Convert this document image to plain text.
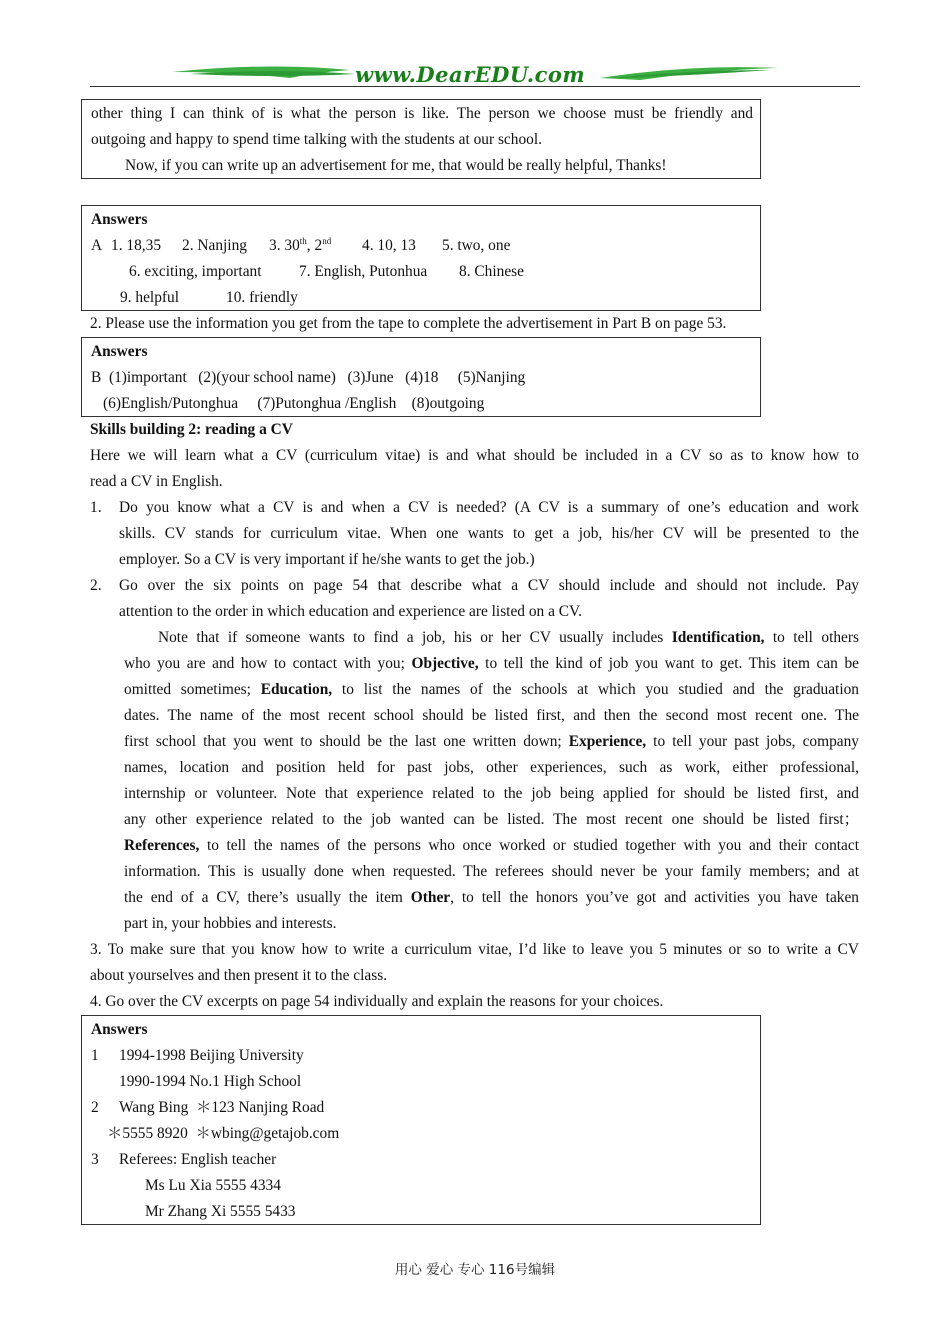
www.DearEDU.com
other thing I can think of is what the person is like. The person we choose must be friendly and
outgoing and happy to spend time talking with the students at our school.
Now, if you can write up an advertisement for me, that would be really helpful, Thanks!
Answers
A 1. 18,35 2. Nanjing 3. 30th, 2nd 4. 10, 13 5. two, one
6. exciting, important 7. English, Putonhua 8. Chinese
9. helpful	10. friendly
2. Please use the information you get from the tape to complete the advertisement in Part B on page 53.
Answers
B  (1)important   (2)(your school name)   (3)June   (4)18     (5)Nanjing
(6)English/Putonghua     (7)Putonghua /English    (8)outgoing
Skills building 2: reading a CV
Here we will learn what a CV (curriculum vitae) is and what should be included in a CV so as to know how to
read a CV in English.
1. Do you know what a CV is and when a CV is needed? (A CV is a summary of one’s education and work
skills. CV stands for curriculum vitae. When one wants to get a job, his/her CV will be presented to the
employer. So a CV is very important if he/she wants to get the job.)
2. Go over the six points on page 54 that describe what a CV should include and should not include. Pay
attention to the order in which education and experience are listed on a CV.
Note that if someone wants to find a job, his or her CV usually includes Identification, to tell others
who you are and how to contact with you; Objective, to tell the kind of job you want to get. This item can be
omitted sometimes; Education, to list the names of the schools at which you studied and the graduation
dates. The name of the most recent school should be listed first, and then the second most recent one. The
first school that you went to should be the last one written down; Experience, to tell your past jobs, company
names, location and position held for past jobs, other experiences, such as work, either professional,
internship or volunteer. Note that experience related to the job being applied for should be listed first, and
any other experience related to the job wanted can be listed. The most recent one should be listed first；
References, to tell the names of the persons who once worked or studied together with you and their contact
information. This is usually done when requested. The referees should never be your family members; and at
the end of a CV, there’s usually the item Other, to tell the honors you’ve got and activities you have taken
part in, your hobbies and interests.
3. To make sure that you know how to write a curriculum vitae, I’d like to leave you 5 minutes or so to write a CV
about yourselves and then present it to the class.
4. Go over the CV excerpts on page 54 individually and explain the reasons for your choices.
Answers
1 1994-1998 Beijing University
1990-1994 No.1 High School
2 Wang Bing  ＊123 Nanjing Road
＊5555 8920  ＊wbing@getajob.com
3 Referees: English teacher
Ms Lu Xia 5555 4334
Mr Zhang Xi 5555 5433
用心 爱心 专心 116号编辑
